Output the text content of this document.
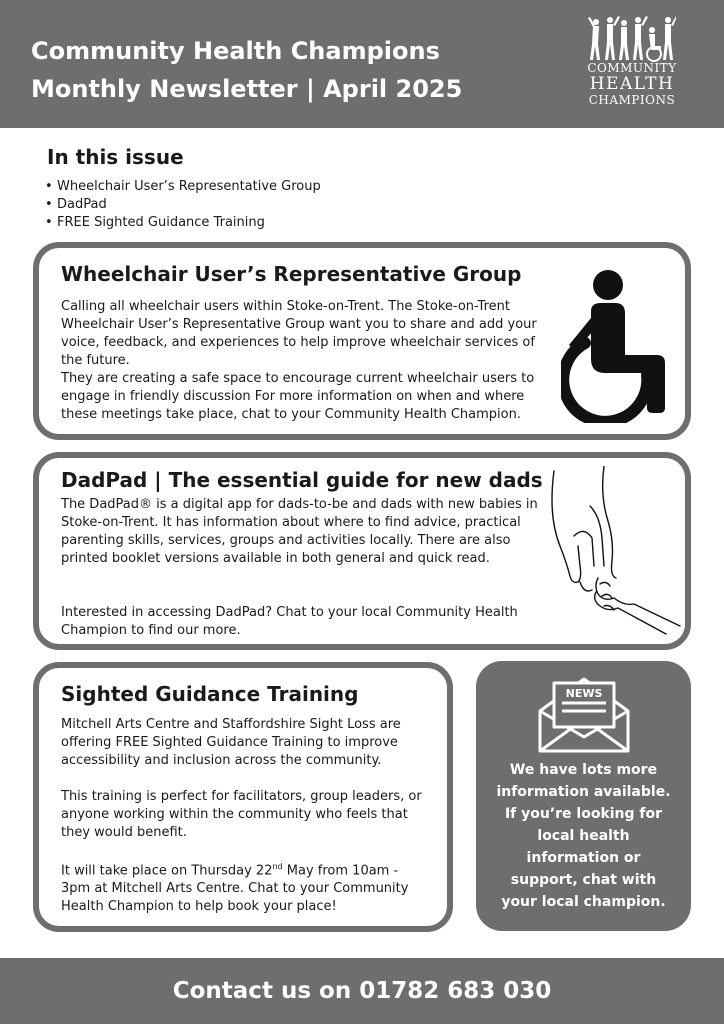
Community Health Champions
Monthly Newsletter | April 2025
COMMUNITY
HEALTH
CHAMPIONS
In this issue
• Wheelchair User’s Representative Group
• DadPad
• FREE Sighted Guidance Training
Wheelchair User’s Representative Group

Calling all wheelchair users within Stoke-on-Trent. The Stoke-on-Trent Wheelchair User’s Representative Group want you to share and add your voice, feedback, and experiences to help improve wheelchair services of the future.

They are creating a safe space to encourage current wheelchair users to engage in friendly discussion For more information on when and where these meetings take place, chat to your Community Health Champion.

DadPad | The essential guide for new dads

The DadPad® is a digital app for dads-to-be and dads with new babies in Stoke-on-Trent. It has information about where to find advice, practical parenting skills, services, groups and activities locally. There are also printed booklet versions available in both general and quick read.

Interested in accessing DadPad? Chat to your local Community Health Champion to find our more.

Sighted Guidance Training

Mitchell Arts Centre and Staffordshire Sight Loss are offering FREE Sighted Guidance Training to improve accessibility and inclusion across the community.

This training is perfect for facilitators, group leaders, or anyone working within the community who feels that they would benefit.

It will take place on Thursday 22nd May from 10am - 3pm at Mitchell Arts Centre. Chat to your Community Health Champion to help book your place!

NEWS

We have lots more information available. If you’re looking for local health information or support, chat with your local champion.

Contact us on 01782 683 030
